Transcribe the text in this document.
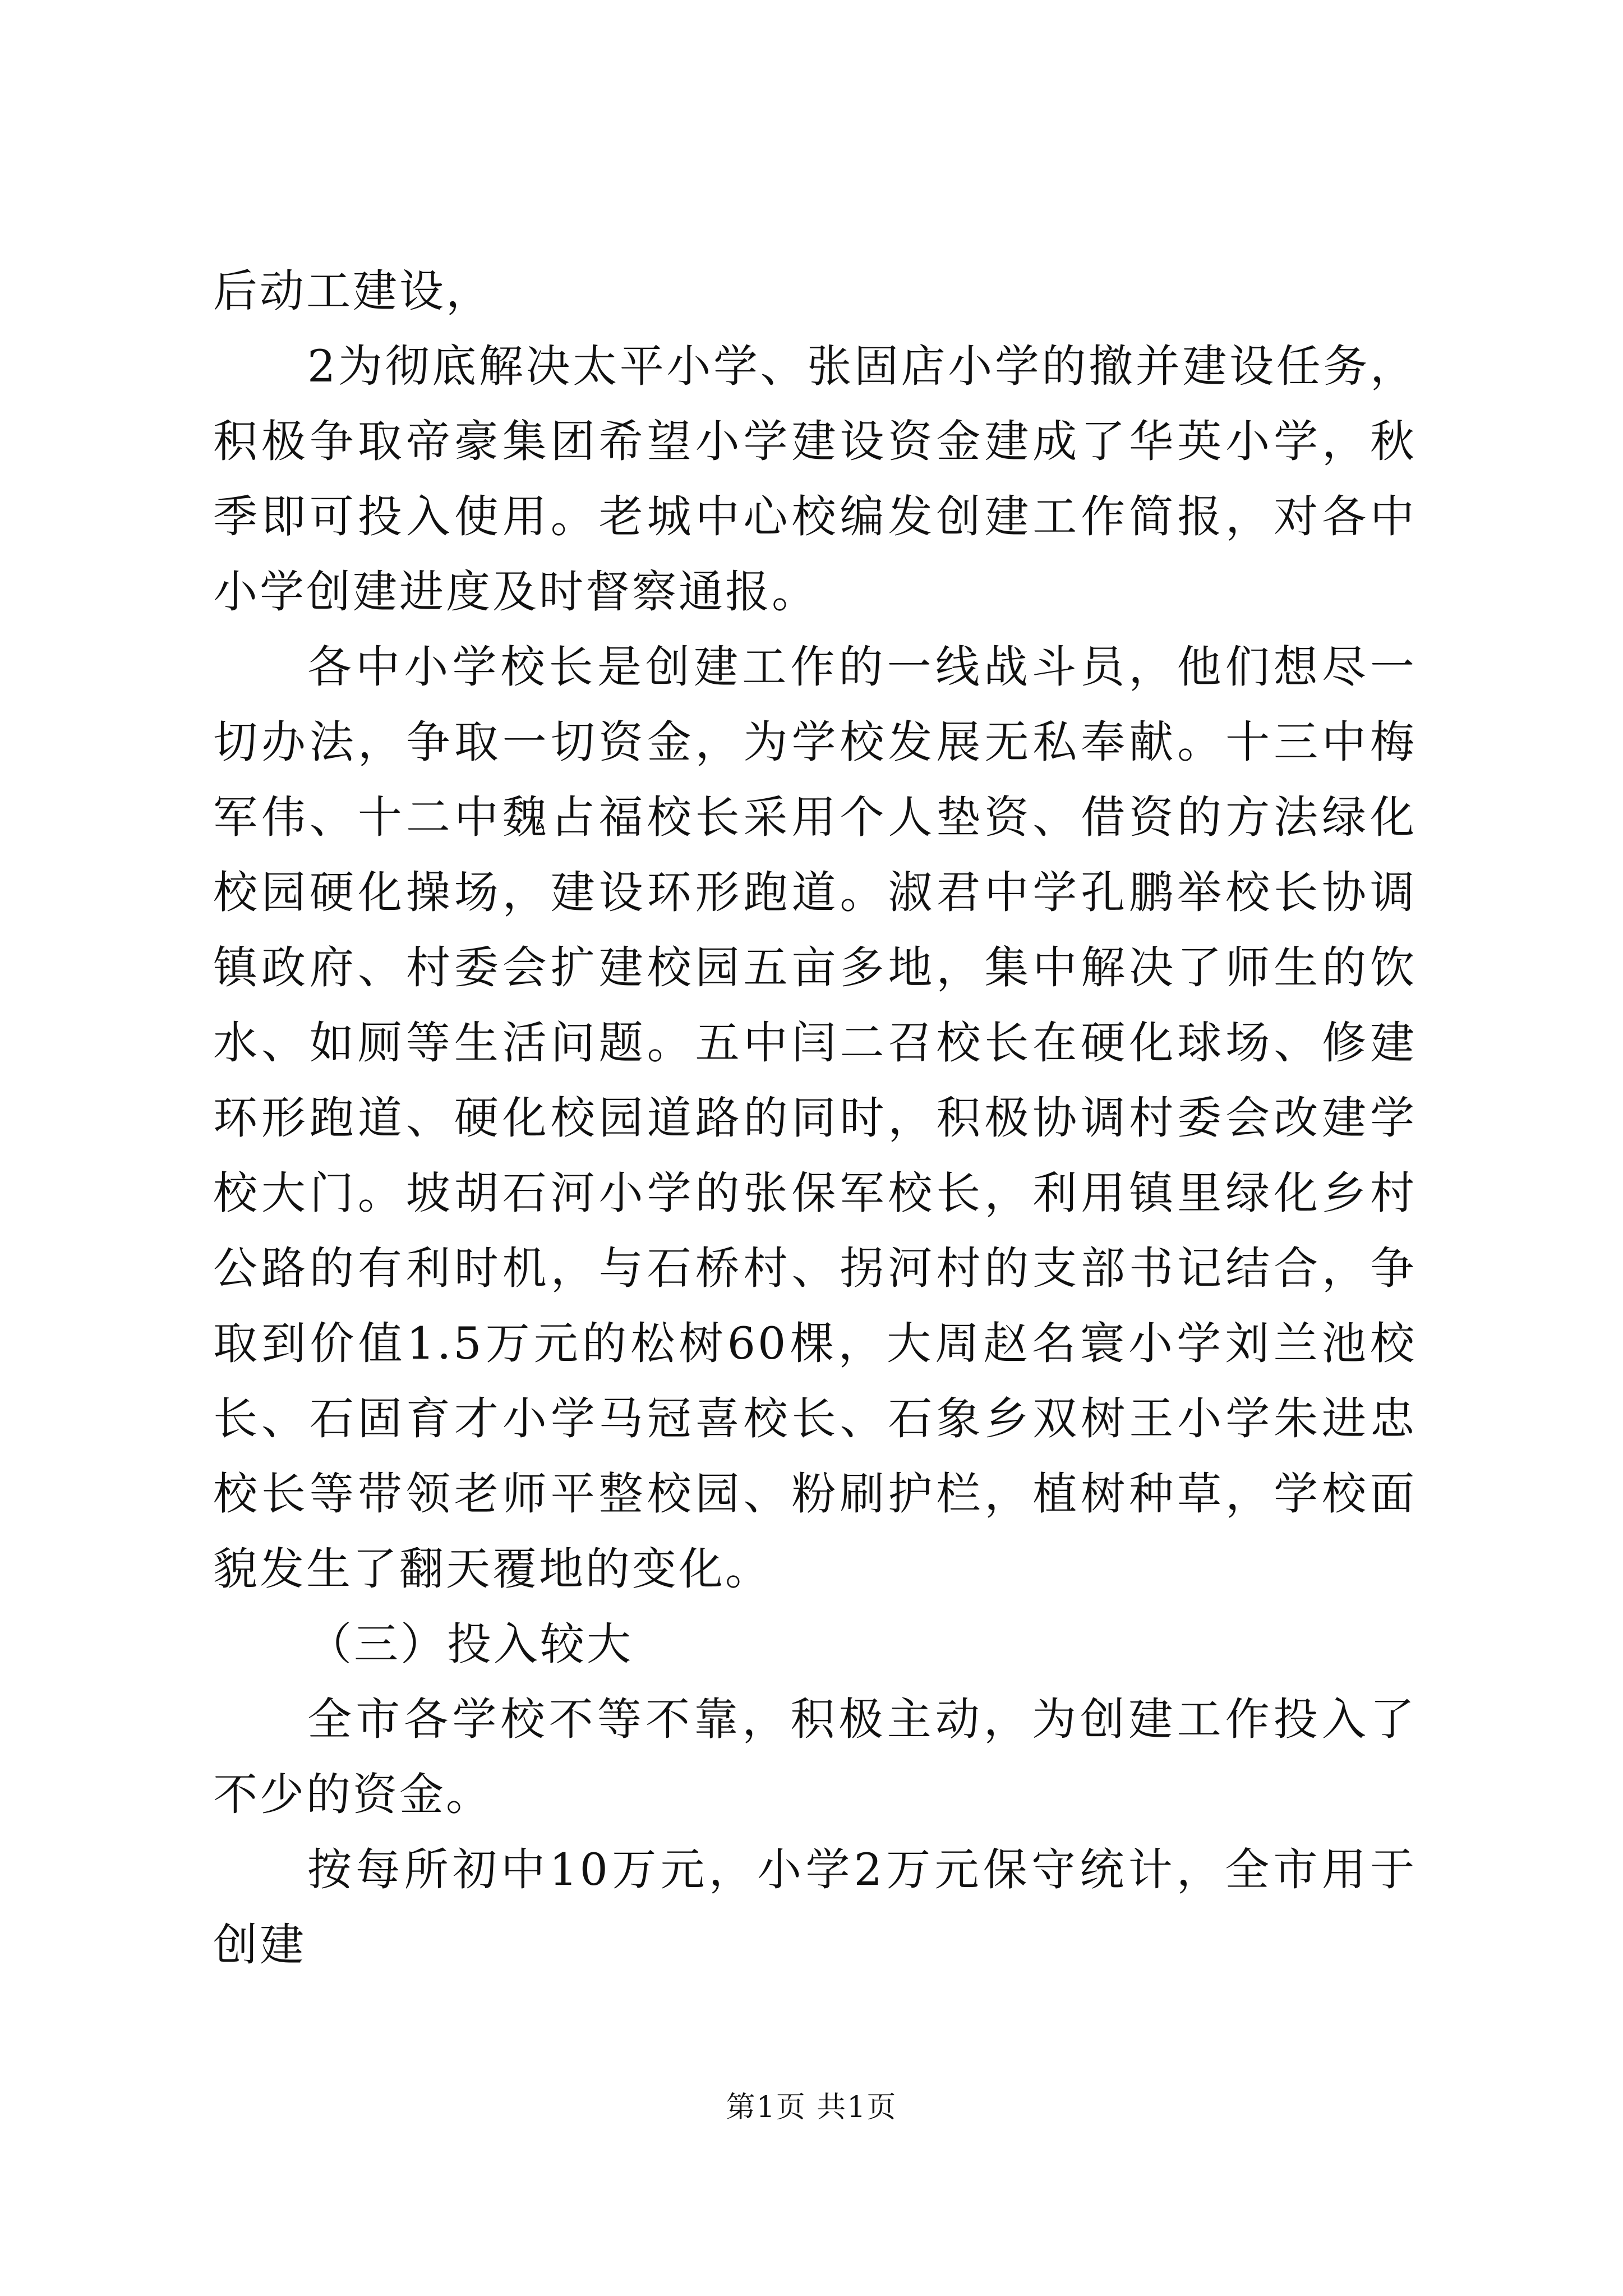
后动工建设，

2为彻底解决太平小学、张固店小学的撤并建设任务，积极争取帝豪集团希望小学建设资金建成了华英小学，秋季即可投入使用。老城中心校编发创建工作简报，对各中小学创建进度及时督察通报。

各中小学校长是创建工作的一线战斗员，他们想尽一切办法，争取一切资金，为学校发展无私奉献。十三中梅军伟、十二中魏占福校长采用个人垫资、借资的方法绿化校园硬化操场，建设环形跑道。淑君中学孔鹏举校长协调镇政府、村委会扩建校园五亩多地，集中解决了师生的饮水、如厕等生活问题。五中闫二召校长在硬化球场、修建环形跑道、硬化校园道路的同时，积极协调村委会改建学校大门。坡胡石河小学的张保军校长，利用镇里绿化乡村公路的有利时机，与石桥村、拐河村的支部书记结合，争取到价值1.5万元的松树60棵，大周赵名寰小学刘兰池校长、石固育才小学马冠喜校长、石象乡双树王小学朱进忠校长等带领老师平整校园、粉刷护栏，植树种草，学校面貌发生了翻天覆地的变化。

（三）投入较大

全市各学校不等不靠，积极主动，为创建工作投入了不少的资金。

按每所初中10万元，小学2万元保守统计，全市用于创建

第1页 共1页
